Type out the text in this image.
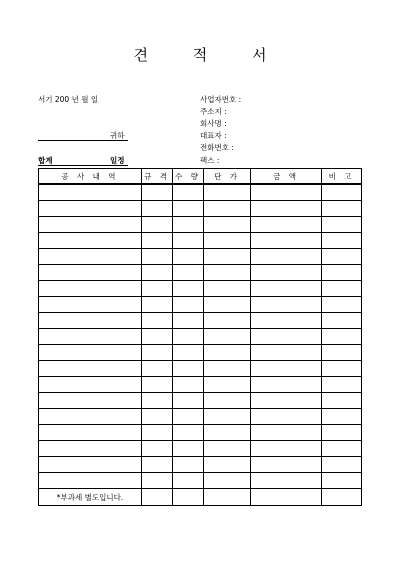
견 적 서
서기 200 년 월 일
귀하
합계	일정
사업자번호 :
주소지 :
회사명 :
대표자 :
전화번호 :
팩스 :
공 사 내 역	규 격	수 량	단 가	금 액	비 고

*부과세 별도입니다.					
